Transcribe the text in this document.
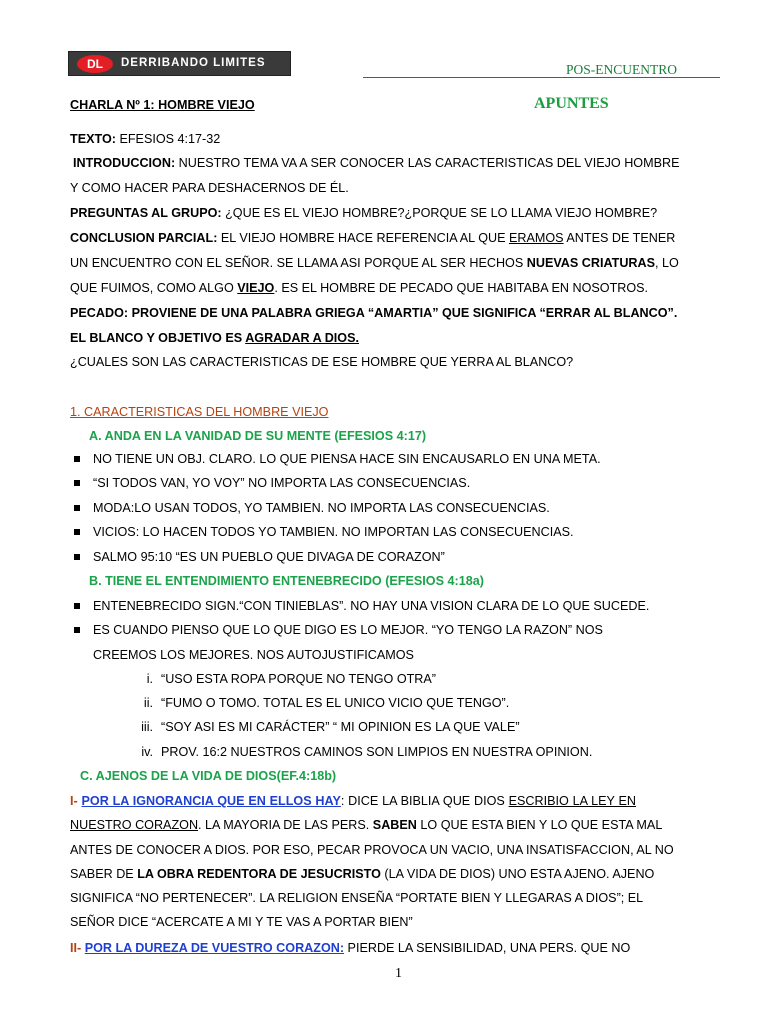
DL	DERRIBANDO LIMITES	POS-ENCUENTRO
APUNTES
CHARLA Nº 1: HOMBRE VIEJO
TEXTO: EFESIOS 4:17-32
INTRODUCCION: NUESTRO TEMA VA A SER CONOCER LAS CARACTERISTICAS DEL VIEJO HOMBRE
Y COMO HACER PARA DESHACERNOS DE ÉL.
PREGUNTAS AL GRUPO: ¿QUE ES EL VIEJO HOMBRE?¿PORQUE SE LO LLAMA VIEJO HOMBRE?
CONCLUSION PARCIAL: EL VIEJO HOMBRE HACE REFERENCIA AL QUE ERAMOS ANTES DE TENER
UN ENCUENTRO CON EL SEÑOR. SE LLAMA ASI PORQUE AL SER HECHOS NUEVAS CRIATURAS, LO
QUE FUIMOS, COMO ALGO VIEJO. ES EL HOMBRE DE PECADO QUE HABITABA EN NOSOTROS.
PECADO: PROVIENE DE UNA PALABRA GRIEGA “AMARTIA” QUE SIGNIFICA “ERRAR AL BLANCO”.
EL BLANCO Y OBJETIVO ES AGRADAR A DIOS.
¿CUALES SON LAS CARACTERISTICAS DE ESE HOMBRE QUE YERRA AL BLANCO?
1. CARACTERISTICAS DEL HOMBRE VIEJO
A. ANDA EN LA VANIDAD DE SU MENTE (EFESIOS 4:17)
NO TIENE UN OBJ. CLARO. LO QUE PIENSA HACE SIN ENCAUSARLO EN UNA META.
“SI TODOS VAN, YO VOY” NO IMPORTA LAS CONSECUENCIAS.
MODA:LO USAN TODOS, YO TAMBIEN. NO IMPORTA LAS CONSECUENCIAS.
VICIOS: LO HACEN TODOS YO TAMBIEN. NO IMPORTAN LAS CONSECUENCIAS.
SALMO 95:10 “ES UN PUEBLO QUE DIVAGA DE CORAZON”
B. TIENE EL ENTENDIMIENTO ENTENEBRECIDO (EFESIOS 4:18a)
ENTENEBRECIDO SIGN.“CON TINIEBLAS”. NO HAY UNA VISION CLARA DE LO QUE SUCEDE.
ES CUANDO PIENSO QUE LO QUE DIGO ES LO MEJOR. “YO TENGO LA RAZON” NOS
CREEMOS LOS MEJORES. NOS AUTOJUSTIFICAMOS
i. “USO ESTA ROPA PORQUE NO TENGO OTRA”
ii. “FUMO O TOMO. TOTAL ES EL UNICO VICIO QUE TENGO”.
iii. “SOY ASI ES MI CARÁCTER” “ MI OPINION ES LA QUE VALE”
iv. PROV. 16:2 NUESTROS CAMINOS SON LIMPIOS EN NUESTRA OPINION.
C. AJENOS DE LA VIDA DE DIOS(EF.4:18b)
I- POR LA IGNORANCIA QUE EN ELLOS HAY: DICE LA BIBLIA QUE DIOS ESCRIBIO LA LEY EN
NUESTRO CORAZON. LA MAYORIA DE LAS PERS. SABEN LO QUE ESTA BIEN Y LO QUE ESTA MAL
ANTES DE CONOCER A DIOS. POR ESO, PECAR PROVOCA UN VACIO, UNA INSATISFACCION, AL NO
SABER DE LA OBRA REDENTORA DE JESUCRISTO (LA VIDA DE DIOS) UNO ESTA AJENO. AJENO
SIGNIFICA “NO PERTENECER”. LA RELIGION ENSEÑA “PORTATE BIEN Y LLEGARAS A DIOS”; EL
SEÑOR DICE “ACERCATE A MI Y TE VAS A PORTAR BIEN”
II- POR LA DUREZA DE VUESTRO CORAZON: PIERDE LA SENSIBILIDAD, UNA PERS. QUE NO
1
